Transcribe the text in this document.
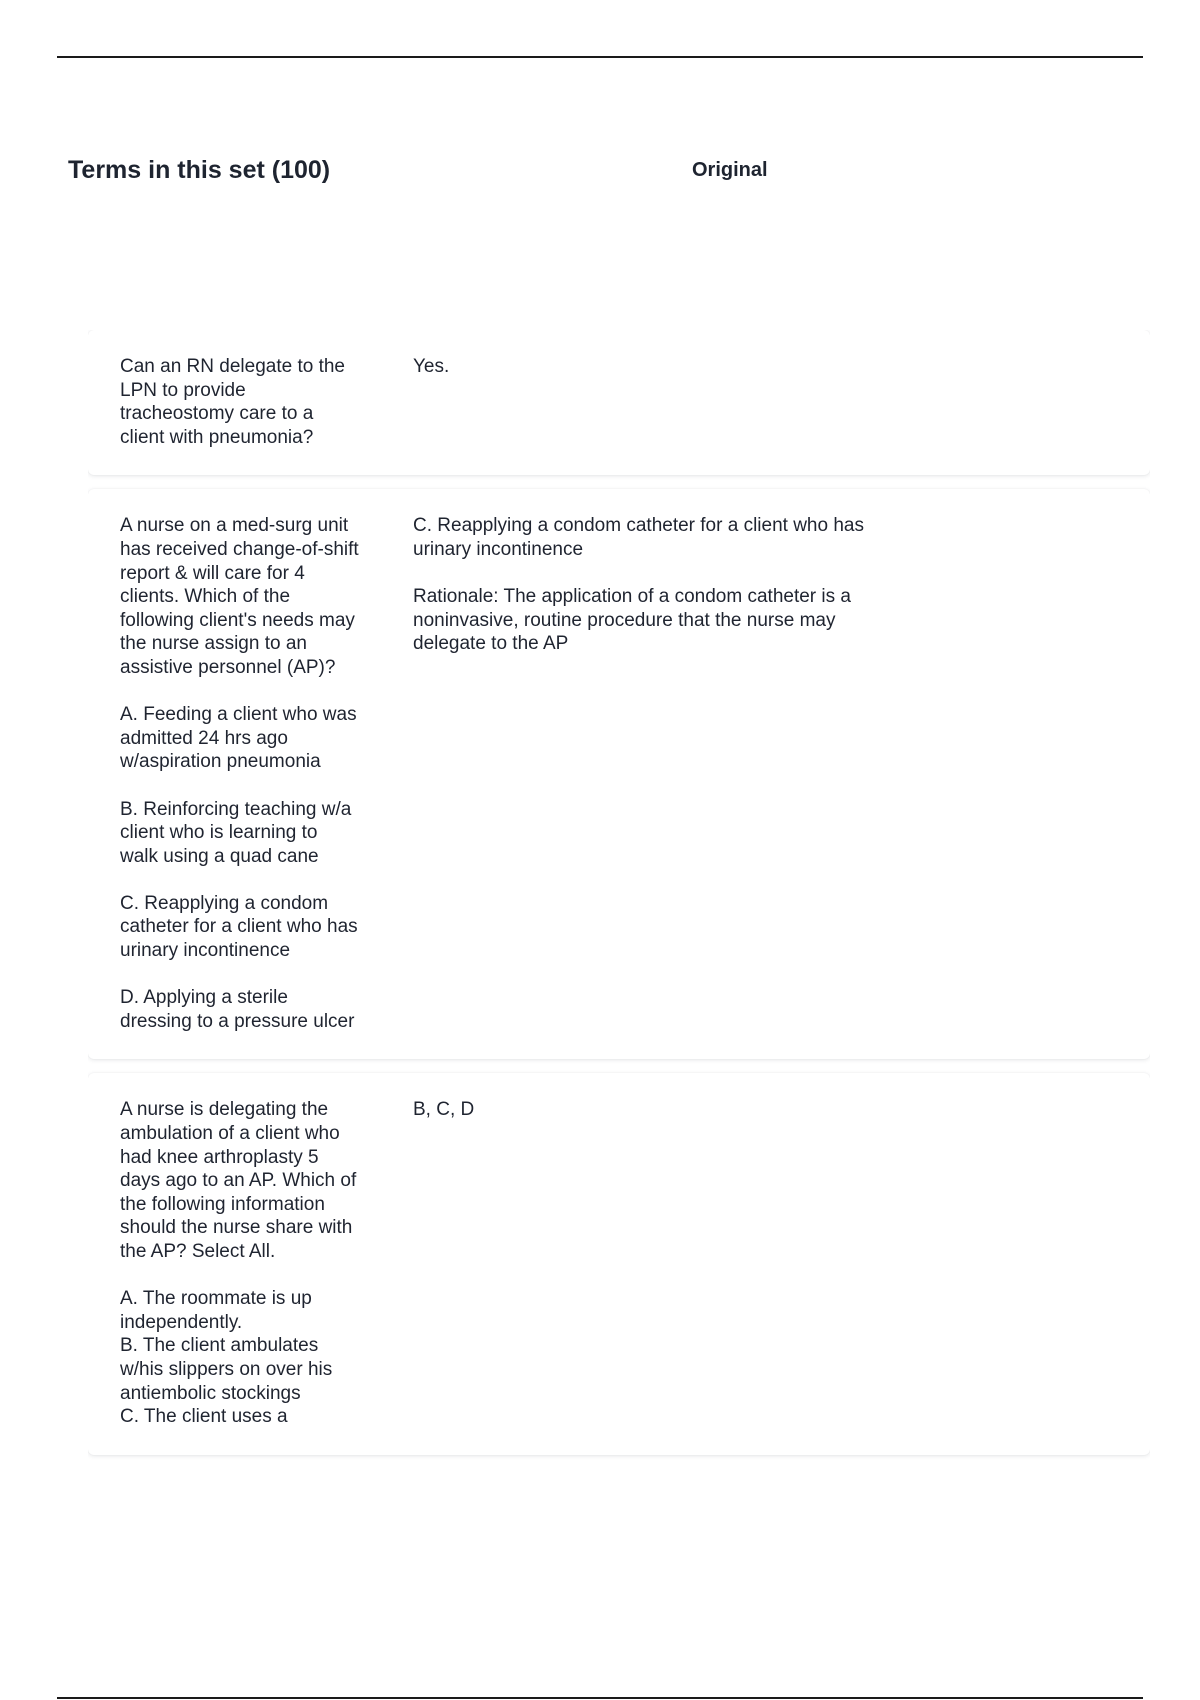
Terms in this set (100)	Original

Can an RN delegate to the LPN to provide tracheostomy care to a client with pneumonia?

Yes.

A nurse on a med-surg unit has received change-of-shift report & will care for 4 clients. Which of the following client's needs may the nurse assign to an assistive personnel (AP)?

A. Feeding a client who was admitted 24 hrs ago w/aspiration pneumonia

B. Reinforcing teaching w/a client who is learning to walk using a quad cane

C. Reapplying a condom catheter for a client who has urinary incontinence

D. Applying a sterile dressing to a pressure ulcer

C. Reapplying a condom catheter for a client who has urinary incontinence

Rationale: The application of a condom catheter is a noninvasive, routine procedure that the nurse may delegate to the AP

A nurse is delegating the ambulation of a client who had knee arthroplasty 5 days ago to an AP. Which of the following information should the nurse share with the AP? Select All.

A. The roommate is up independently.

B. The client ambulates w/his slippers on over his antiembolic stockings

C. The client uses a

B, C, D
